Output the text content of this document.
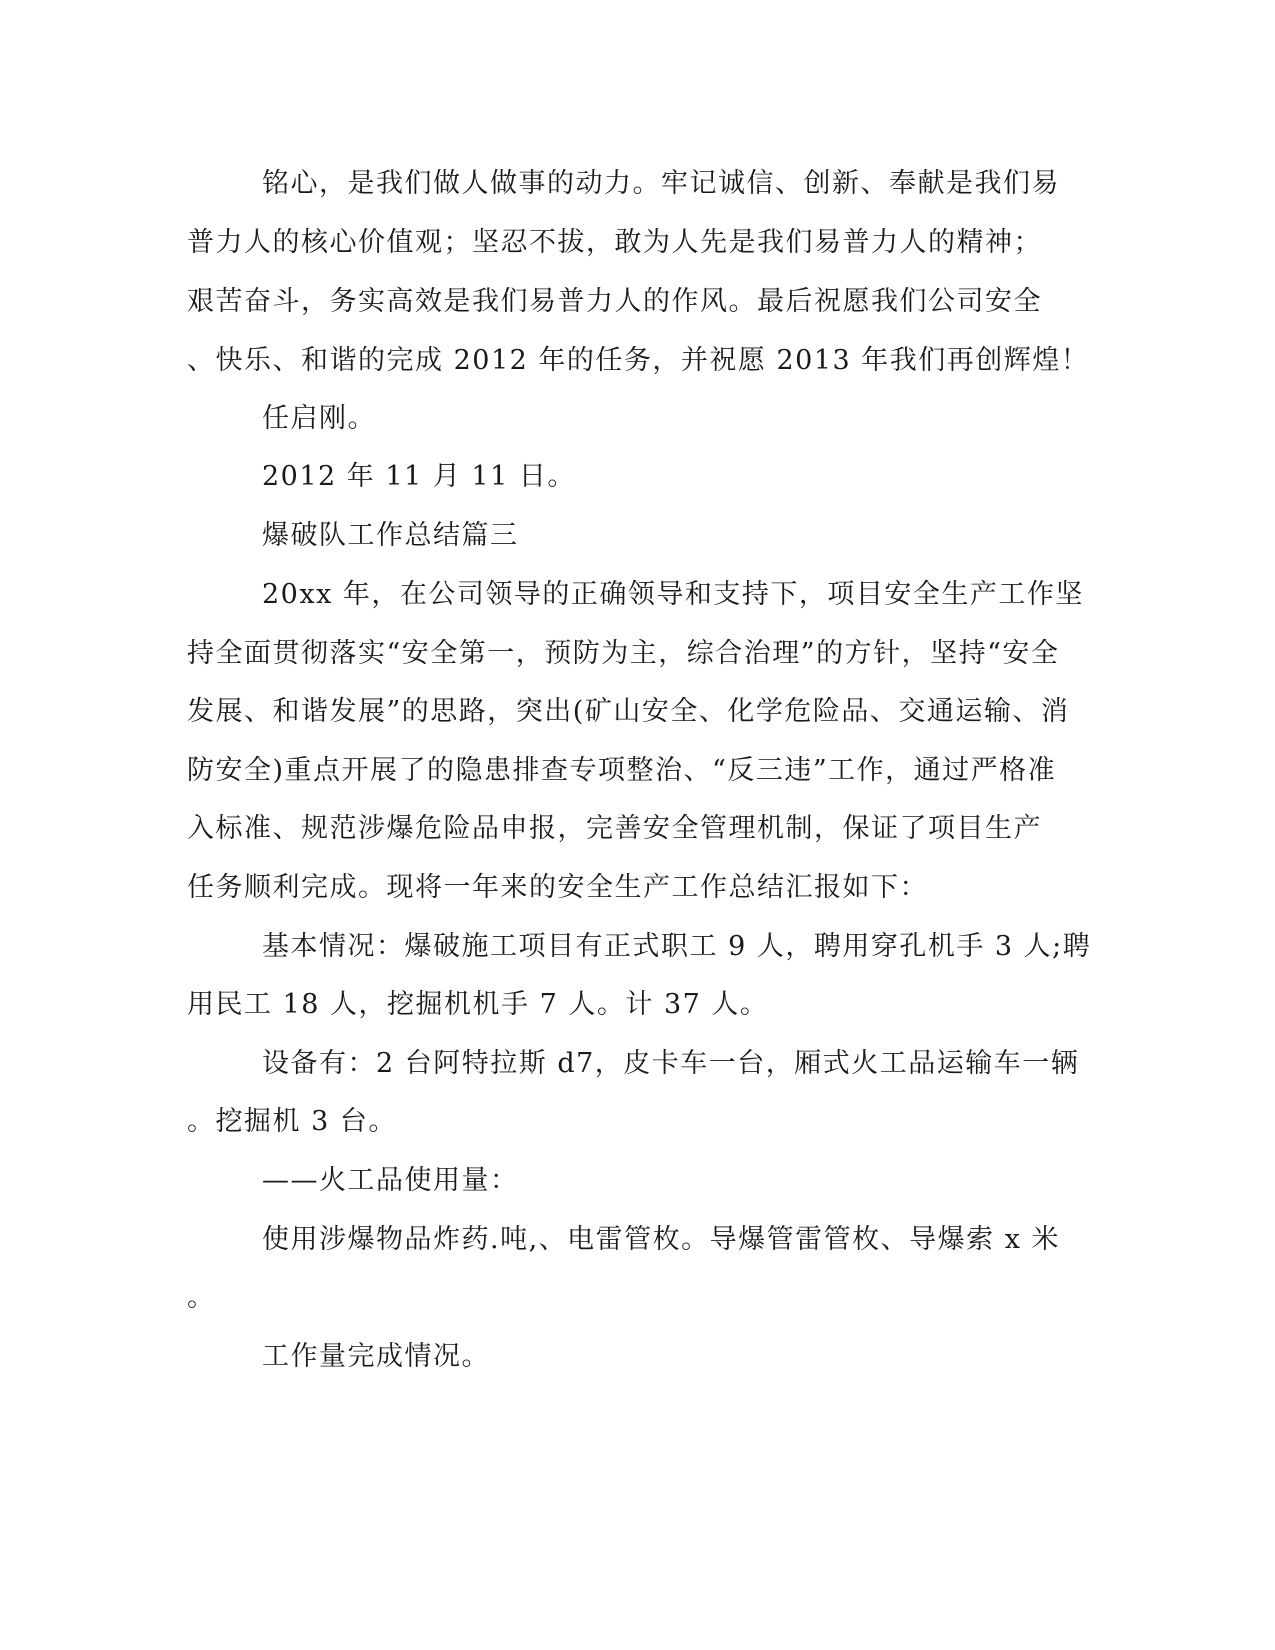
铭心，是我们做人做事的动力。牢记诚信、创新、奉献是我们易
普力人的核心价值观；坚忍不拔，敢为人先是我们易普力人的精神；
艰苦奋斗，务实高效是我们易普力人的作风。最后祝愿我们公司安全
、快乐、和谐的完成 2012 年的任务，并祝愿 2013 年我们再创辉煌！
任启刚。
2012 年 11 月 11 日。
爆破队工作总结篇三
20xx 年，在公司领导的正确领导和支持下，项目安全生产工作坚
持全面贯彻落实“安全第一，预防为主，综合治理”的方针，坚持“安全
发展、和谐发展”的思路，突出(矿山安全、化学危险品、交通运输、消
防安全)重点开展了的隐患排查专项整治、“反三违”工作，通过严格准
入标准、规范涉爆危险品申报，完善安全管理机制，保证了项目生产
任务顺利完成。现将一年来的安全生产工作总结汇报如下：
基本情况：爆破施工项目有正式职工 9 人，聘用穿孔机手 3 人;聘
用民工 18 人，挖掘机机手 7 人。计 37 人。
设备有：2 台阿特拉斯 d7，皮卡车一台，厢式火工品运输车一辆
。挖掘机 3 台。
——火工品使用量：
使用涉爆物品炸药.吨,、电雷管枚。导爆管雷管枚、导爆索 x 米
。
工作量完成情况。
